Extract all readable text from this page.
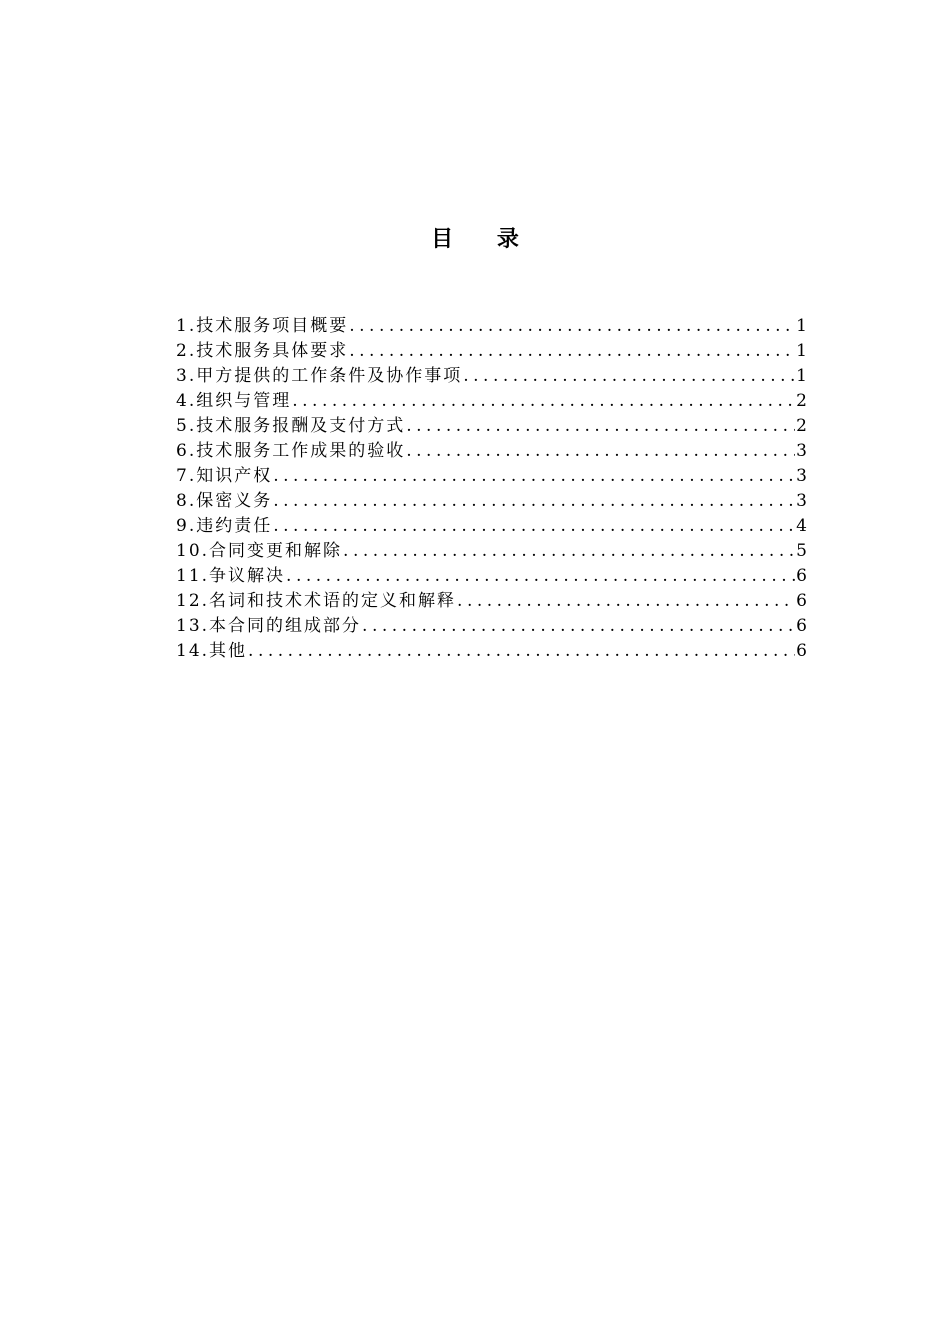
目 录
1.技术服务项目概要 .....	1
2.技术服务具体要求 .....	1
3.甲方提供的工作条件及协作事项 .....	1
4.组织与管理 .....	2
5.技术服务报酬及支付方式 .....	2
6.技术服务工作成果的验收 .....	3
7.知识产权 .....	3
8.保密义务 .....	3
9.违约责任 .....	4
10.合同变更和解除 .....	5
11.争议解决 .....	6
12.名词和技术术语的定义和解释 .....	6
13.本合同的组成部分 .....	6
14.其他 .....	6
